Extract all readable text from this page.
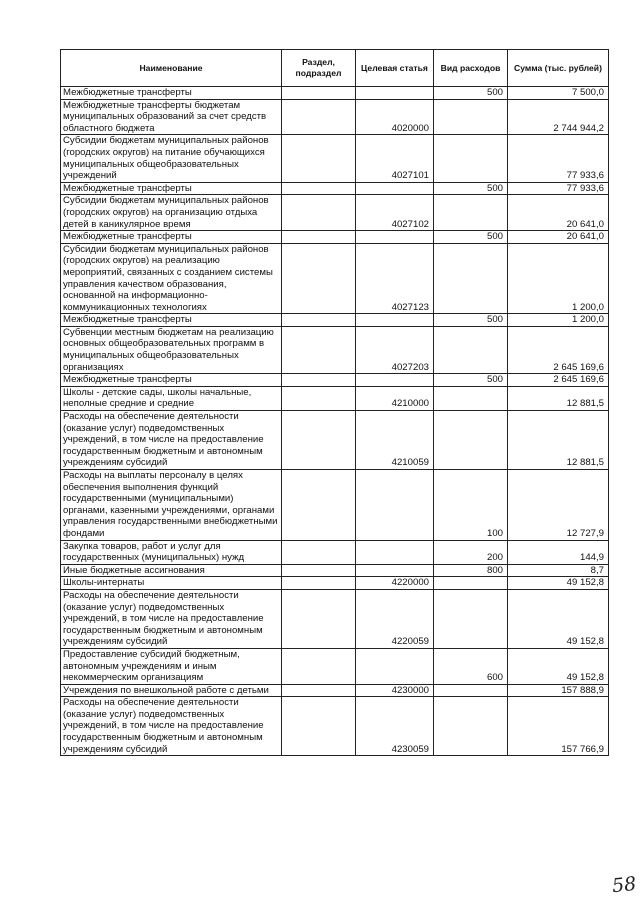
Наименование	Раздел, подраздел	Целевая статья	Вид расходов	Сумма (тыс. рублей)
Межбюджетные трансферты			500	7 500,0
Межбюджетные трансферты бюджетам муниципальных образований за счет средств областного бюджета		4020000		2 744 944,2
Субсидии бюджетам муниципальных районов (городских округов) на питание обучающихся муниципальных общеобразовательных учреждений		4027101		77 933,6
Межбюджетные трансферты			500	77 933,6
Субсидии бюджетам муниципальных районов (городских округов) на организацию отдыха детей в каникулярное время		4027102		20 641,0
Межбюджетные трансферты			500	20 641,0
Субсидии бюджетам муниципальных районов (городских округов) на реализацию мероприятий, связанных с созданием системы управления качеством образования, основанной на информационно-коммуникационных технологиях		4027123		1 200,0
Межбюджетные трансферты			500	1 200,0
Субвенции местным бюджетам на реализацию основных общеобразовательных программ в муниципальных общеобразовательных организациях		4027203		2 645 169,6
Межбюджетные трансферты			500	2 645 169,6
Школы - детские сады, школы начальные, неполные средние и средние		4210000		12 881,5
Расходы на обеспечение деятельности (оказание услуг) подведомственных учреждений, в том числе на предоставление государственным бюджетным и автономным учреждениям субсидий		4210059		12 881,5
Расходы на выплаты персоналу в целях обеспечения выполнения функций государственными (муниципальными) органами, казенными учреждениями, органами управления государственными внебюджетными фондами			100	12 727,9
Закупка товаров, работ и услуг для государственных (муниципальных) нужд			200	144,9
Иные бюджетные ассигнования			800	8,7
Школы-интернаты		4220000		49 152,8
Расходы на обеспечение деятельности (оказание услуг) подведомственных учреждений, в том числе на предоставление государственным бюджетным и автономным учреждениям субсидий		4220059		49 152,8
Предоставление субсидий бюджетным, автономным учреждениям и иным некоммерческим организациям			600	49 152,8
Учреждения по внешкольной работе с детьми		4230000		157 888,9
Расходы на обеспечение деятельности (оказание услуг) подведомственных учреждений, в том числе на предоставление государственным бюджетным и автономным учреждениям субсидий		4230059		157 766,9
58
